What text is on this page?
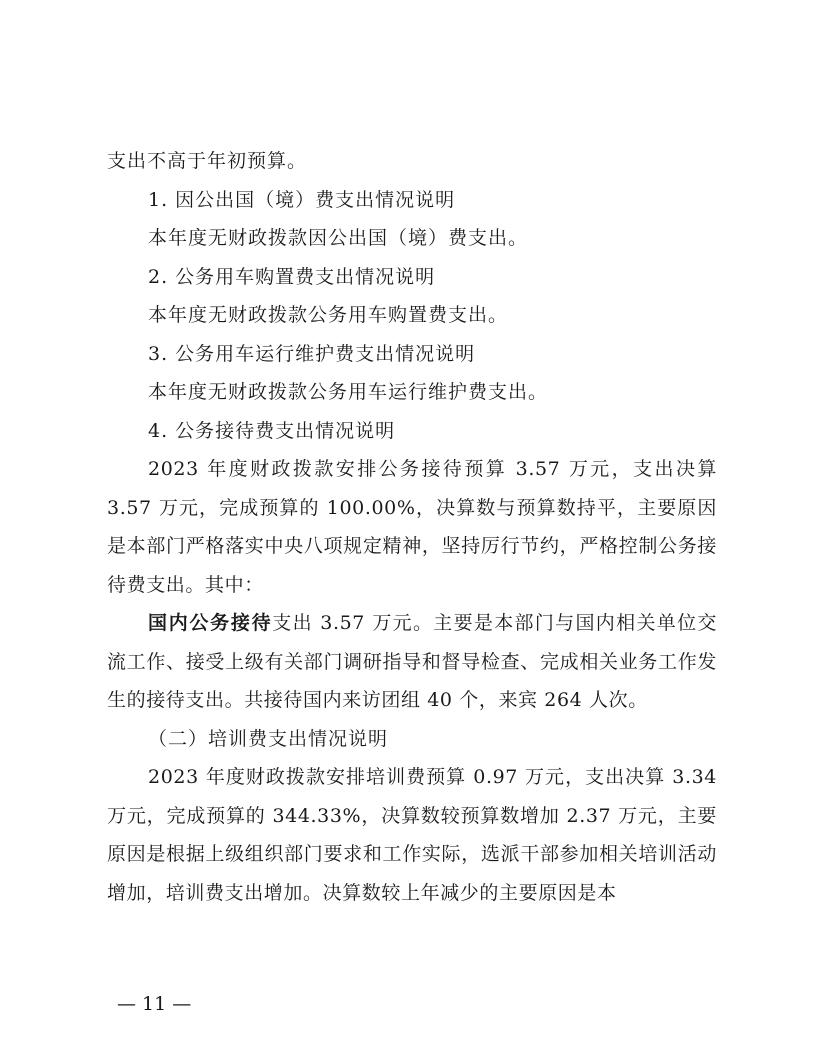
支出不高于年初预算。
1. 因公出国（境）费支出情况说明
本年度无财政拨款因公出国（境）费支出。
2. 公务用车购置费支出情况说明
本年度无财政拨款公务用车购置费支出。
3. 公务用车运行维护费支出情况说明
本年度无财政拨款公务用车运行维护费支出。
4. 公务接待费支出情况说明
2023 年度财政拨款安排公务接待预算 3.57 万元，支出决算 3.57 万元，完成预算的 100.00%，决算数与预算数持平，主要原因是本部门严格落实中央八项规定精神，坚持厉行节约，严格控制公务接待费支出。其中：
国内公务接待支出 3.57 万元。主要是本部门与国内相关单位交流工作、接受上级有关部门调研指导和督导检查、完成相关业务工作发生的接待支出。共接待国内来访团组 40 个，来宾 264 人次。
（二）培训费支出情况说明
2023 年度财政拨款安排培训费预算 0.97 万元，支出决算 3.34 万元，完成预算的 344.33%，决算数较预算数增加 2.37 万元，主要原因是根据上级组织部门要求和工作实际，选派干部参加相关培训活动增加，培训费支出增加。决算数较上年减少的主要原因是本
— 11 —
